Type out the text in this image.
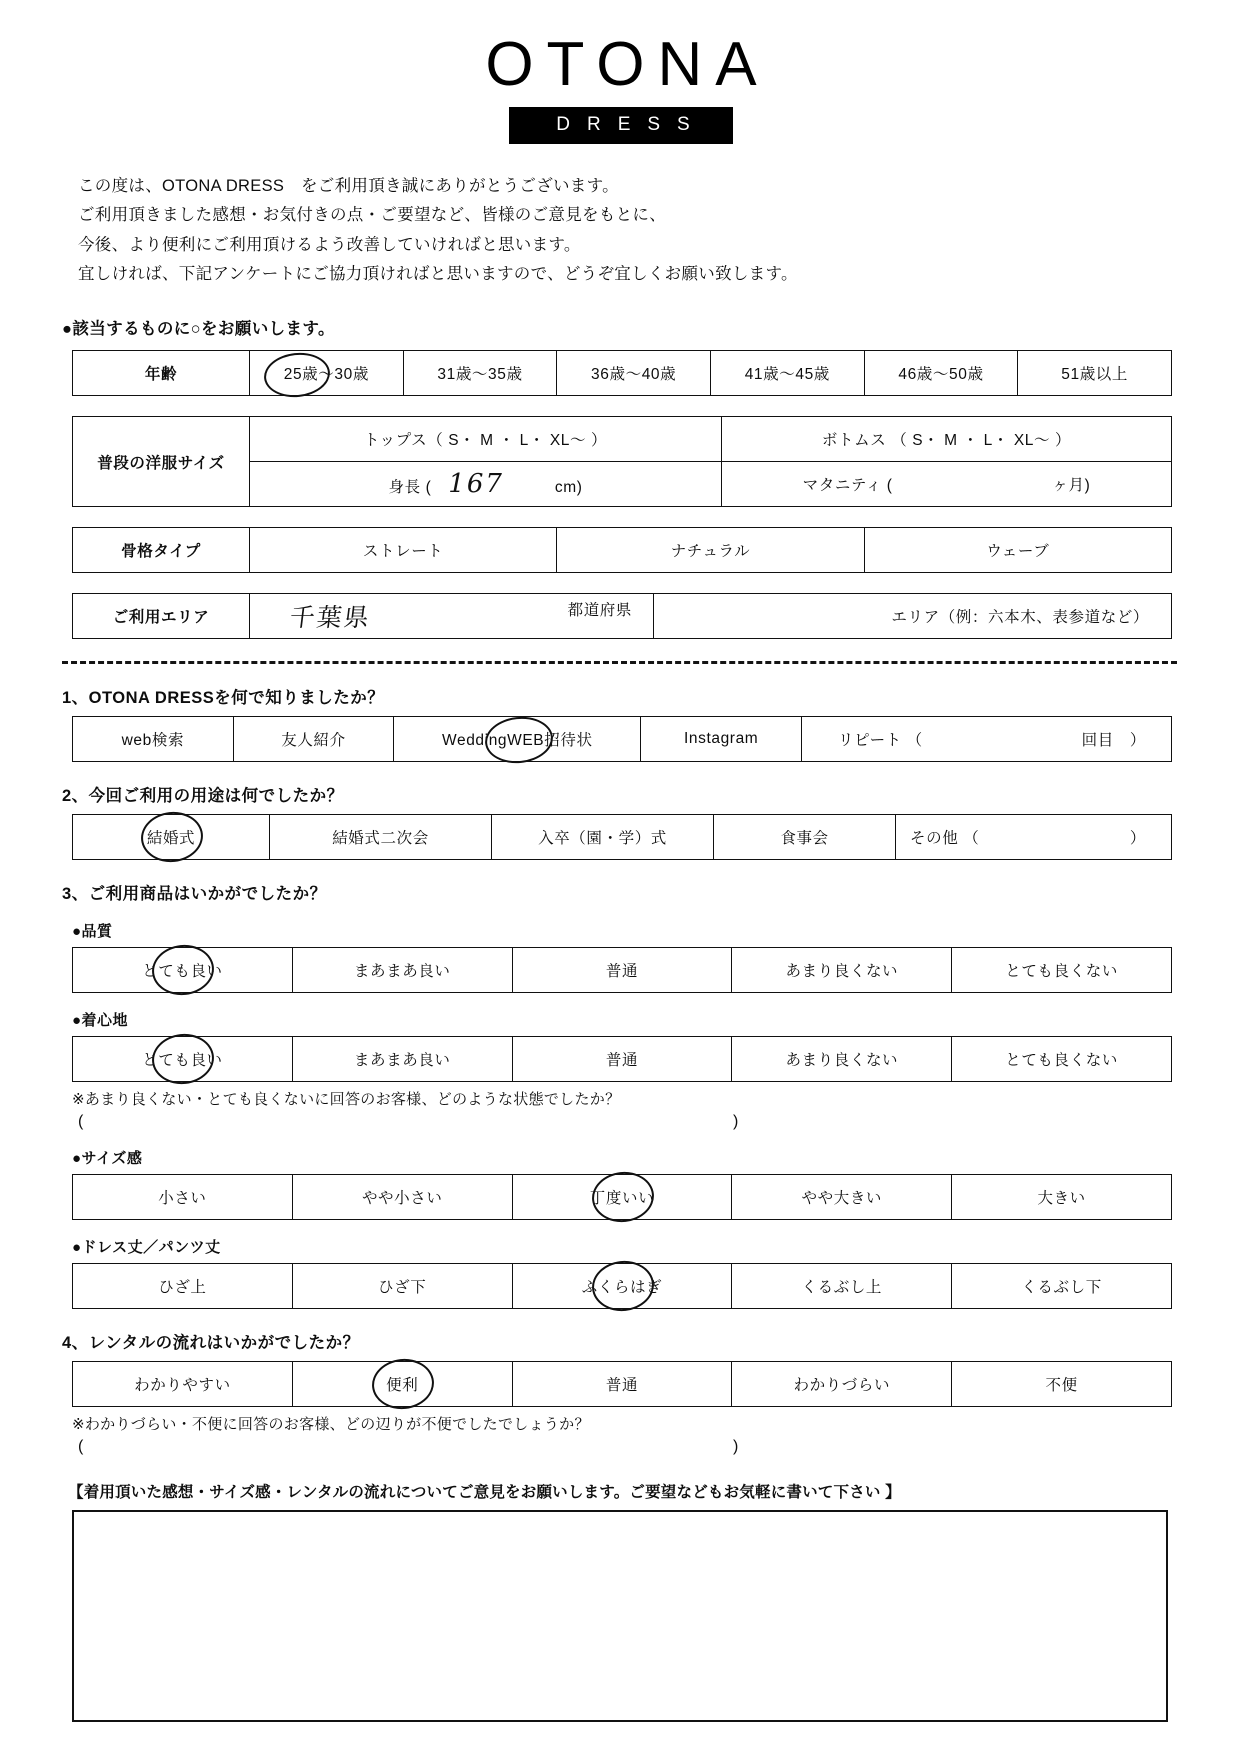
OTONA
DRESS
この度は、OTONA DRESS　をご利用頂き誠にありがとうございます。
ご利用頂きました感想・お気付きの点・ご要望など、皆様のご意見をもとに、
今後、より便利にご利用頂けるよう改善していければと思います。
宜しければ、下記アンケートにご協力頂ければと思いますので、どうぞ宜しくお願い致します。
●該当するものに○をお願いします。
年齢	25歳〜30歳	31歳〜35歳	36歳〜40歳	41歳〜45歳	46歳〜50歳	51歳以上
普段の洋服サイズ	トップス（ S・ M ・ L・ XL〜 ）	ボトムス （ S・ M ・ L・ XL〜 ）
	身長 ( 167 cm)	マタニティ ( ヶ月)
骨格タイプ	ストレート	ナチュラル	ウェーブ
ご利用エリア	千葉県	都道府県	エリア（例：六本木、表参道など）
1、OTONA DRESSを何で知りましたか？
web検索	友人紹介	WeddingWEB招待状	Instagram	リピート （	回目　）
2、今回ご利用の用途は何でしたか？
結婚式	結婚式二次会	入卒（園・学）式	食事会	その他 （	）
3、ご利用商品はいかがでしたか？
●品質
とても良い	まあまあ良い	普通	あまり良くない	とても良くない
●着心地
とても良い	まあまあ良い	普通	あまり良くない	とても良くない
※あまり良くない・とても良くないに回答のお客様、どのような状態でしたか？
(	)
●サイズ感
小さい	やや小さい	丁度いい	やや大きい	大きい
●ドレス丈／パンツ丈
ひざ上	ひざ下	ふくらはぎ	くるぶし上	くるぶし下
4、レンタルの流れはいかがでしたか？
わかりやすい	便利	普通	わかりづらい	不便
※わかりづらい・不便に回答のお客様、どの辺りが不便でしたでしょうか？
(	)
【着用頂いた感想・サイズ感・レンタルの流れについてご意見をお願いします。ご要望などもお気軽に書いて下さい 】
